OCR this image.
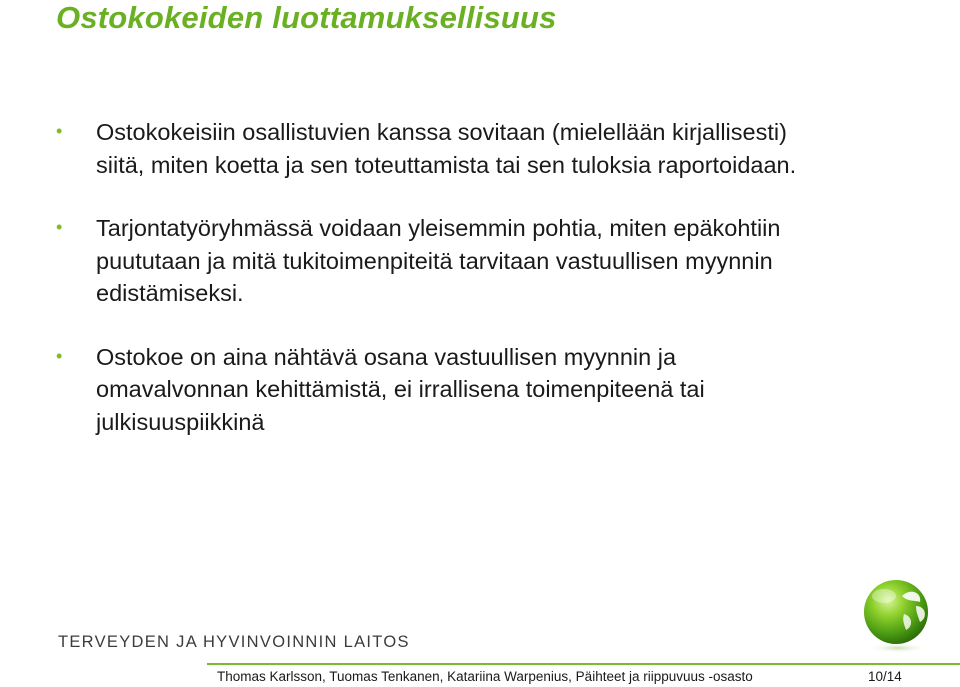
Ostokokeiden luottamuksellisuus
• Ostokokeisiin osallistuvien kanssa sovitaan (mielellään kirjallisesti)
siitä, miten koetta ja sen toteuttamista tai sen tuloksia raportoidaan.
• Tarjontatyöryhmässä voidaan yleisemmin pohtia, miten epäkohtiin
puututaan ja mitä tukitoimenpiteitä tarvitaan vastuullisen myynnin
edistämiseksi.
• Ostokoe on aina nähtävä osana vastuullisen myynnin ja
omavalvonnan kehittämistä, ei irrallisena toimenpiteenä tai
julkisuuspiikkinä
TERVEYDEN JA HYVINVOINNIN LAITOS
Thomas Karlsson, Tuomas Tenkanen, Katariina Warpenius, Päihteet ja riippuvuus -osasto	10/14
